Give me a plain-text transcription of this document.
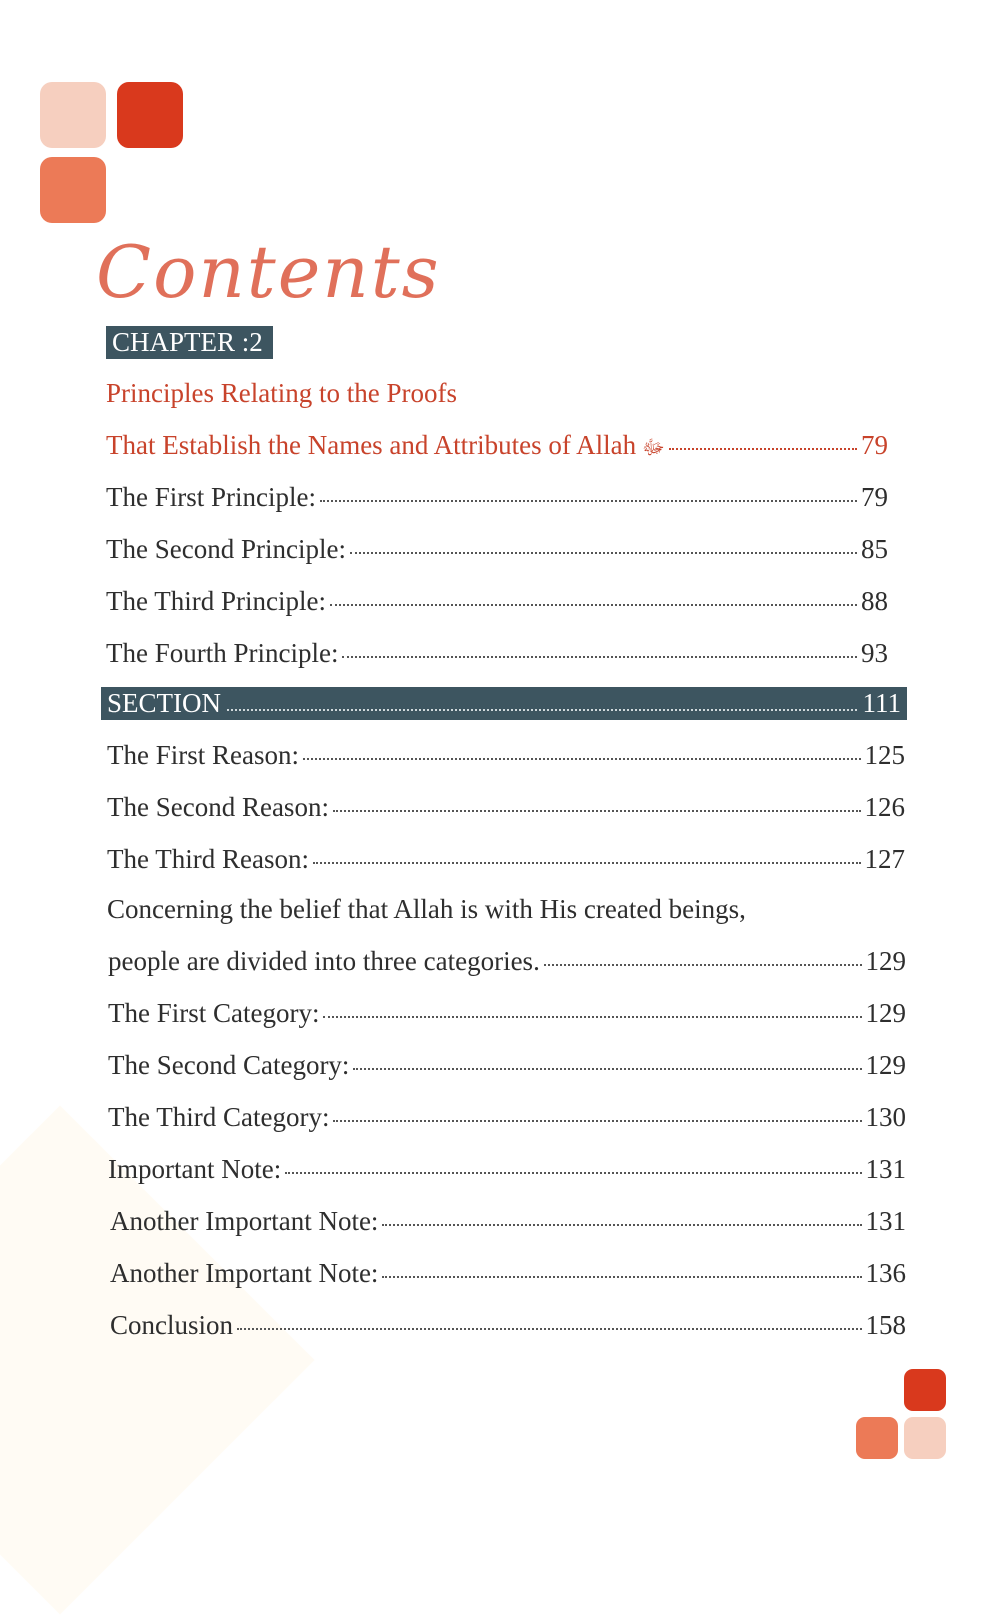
Contents
CHAPTER :2
Principles Relating to the Proofs
That Establish the Names and Attributes of Allah ﷻ	79
The First Principle:	79
The Second Principle:	85
The Third Principle:	88
The Fourth Principle:	93
SECTION	111
The First Reason:	125
The Second Reason:	126
The Third Reason:	127
Concerning the belief that Allah is with His created beings,
people are divided into three categories.	129
The First Category:	129
The Second Category:	129
The Third Category:	130
Important Note:	131
Another Important Note:	131
Another Important Note:	136
Conclusion	158
